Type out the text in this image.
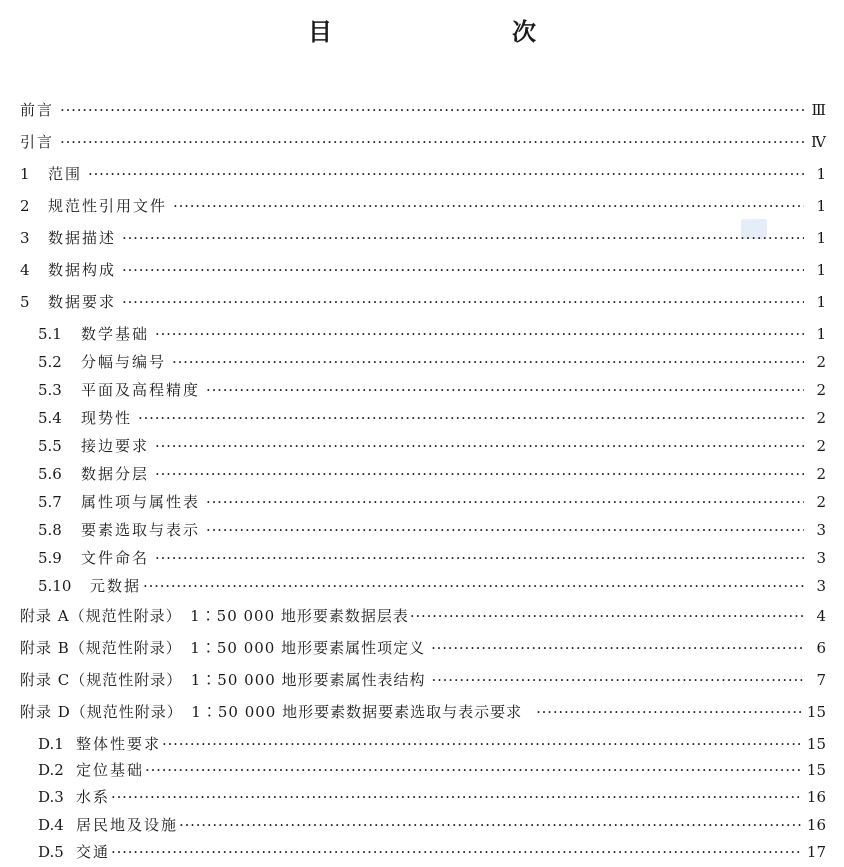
目　　次
前言 ·····	Ⅲ
引言 ·····	Ⅳ
1	范围 ·····	1
2	规范性引用文件 ·····	1
3	数据描述 ·····	1
4	数据构成 ·····	1
5	数据要求 ·····	1
5.1	数学基础 ·····	1
5.2	分幅与编号 ·····	2
5.3	平面及高程精度 ·····	2
5.4	现势性 ·····	2
5.5	接边要求 ·····	2
5.6	数据分层 ·····	2
5.7	属性项与属性表 ·····	2
5.8	要素选取与表示 ·····	3
5.9	文件命名 ·····	3
5.10	元数据 ·····	3
附录 A（规范性附录）　1∶50 000 地形要素数据层表 ·····	4
附录 B（规范性附录）　1∶50 000 地形要素属性项定义 ·····	6
附录 C（规范性附录）　1∶50 000 地形要素属性表结构 ·····	7
附录 D（规范性附录）　1∶50 000 地形要素数据要素选取与表示要求 ·····	15
D.1 整体性要求 ·····	15
D.2 定位基础 ·····	15
D.3 水系 ·····	16
D.4 居民地及设施 ·····	16
D.5 交通 ·····	17
